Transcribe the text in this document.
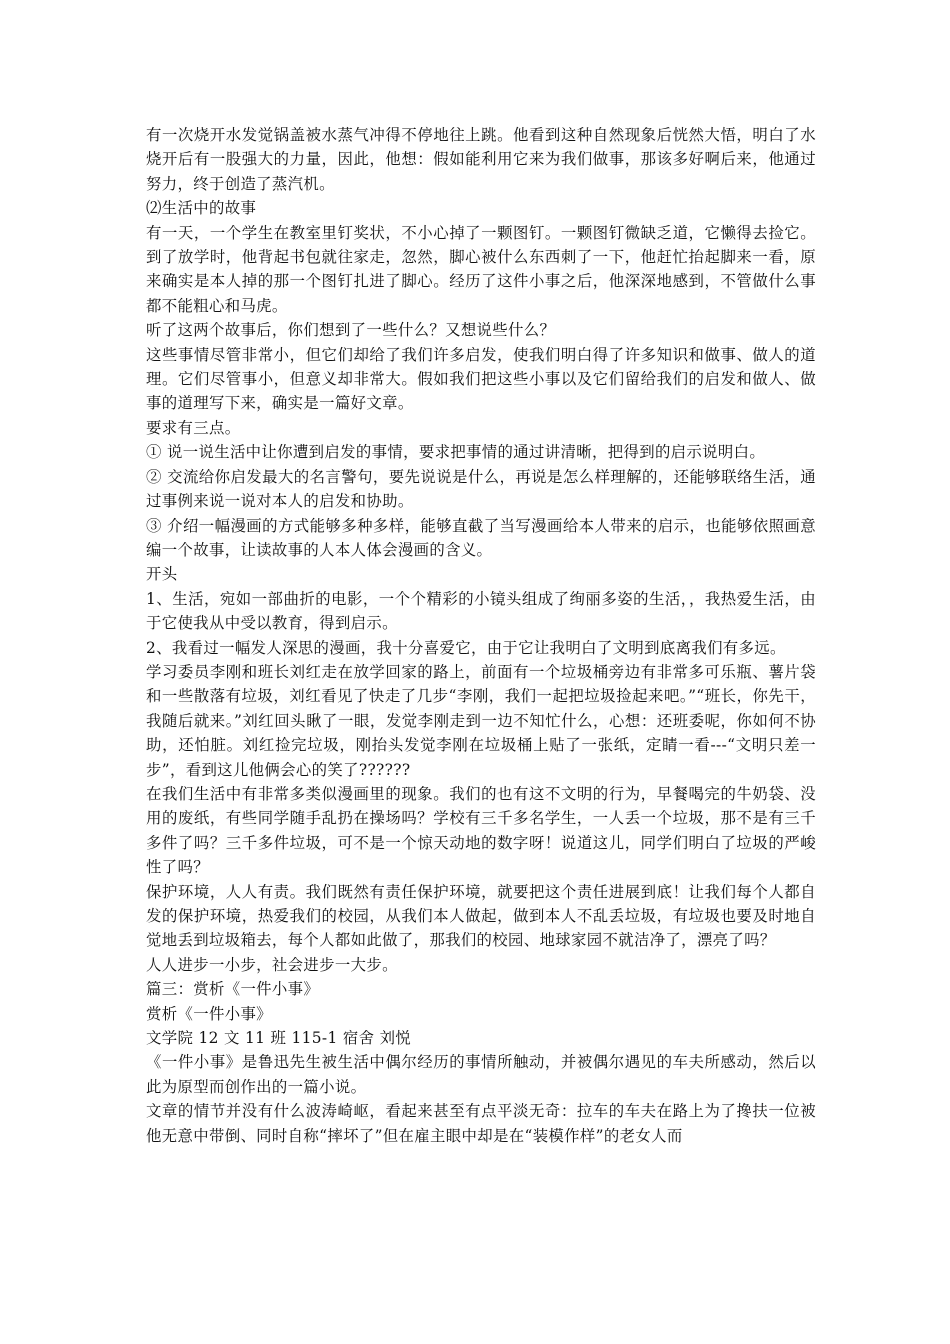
有一次烧开水发觉锅盖被水蒸气冲得不停地往上跳。他看到这种自然现象后恍然大悟，明白了水烧开后有一股强大的力量，因此，他想：假如能利用它来为我们做事，那该多好啊后来，他通过努力，终于创造了蒸汽机。

⑵生活中的故事

有一天，一个学生在教室里钉奖状，不小心掉了一颗图钉。一颗图钉微缺乏道，它懒得去捡它。到了放学时，他背起书包就往家走，忽然，脚心被什么东西刺了一下，他赶忙抬起脚来一看，原来确实是本人掉的那一个图钉扎进了脚心。经历了这件小事之后，他深深地感到，不管做什么事都不能粗心和马虎。

听了这两个故事后，你们想到了一些什么？又想说些什么？

这些事情尽管非常小，但它们却给了我们许多启发，使我们明白得了许多知识和做事、做人的道理。它们尽管事小，但意义却非常大。假如我们把这些小事以及它们留给我们的启发和做人、做事的道理写下来，确实是一篇好文章。

要求有三点。

① 说一说生活中让你遭到启发的事情，要求把事情的通过讲清晰，把得到的启示说明白。

② 交流给你启发最大的名言警句，要先说说是什么，再说是怎么样理解的，还能够联络生活，通过事例来说一说对本人的启发和协助。

③ 介绍一幅漫画的方式能够多种多样，能够直截了当写漫画给本人带来的启示，也能够依照画意编一个故事，让读故事的人本人体会漫画的含义。

开头

1、生活，宛如一部曲折的电影，一个个精彩的小镜头组成了绚丽多姿的生活，，我热爱生活，由于它使我从中受以教育，得到启示。

2、我看过一幅发人深思的漫画，我十分喜爱它，由于它让我明白了文明到底离我们有多远。

学习委员李刚和班长刘红走在放学回家的路上，前面有一个垃圾桶旁边有非常多可乐瓶、薯片袋和一些散落有垃圾，刘红看见了快走了几步“李刚，我们一起把垃圾捡起来吧。”“班长，你先干，我随后就来。”刘红回头瞅了一眼，发觉李刚走到一边不知忙什么，心想：还班委呢，你如何不协助，还怕脏。刘红捡完垃圾，刚抬头发觉李刚在垃圾桶上贴了一张纸，定睛一看---“文明只差一步”，看到这儿他俩会心的笑了??????

在我们生活中有非常多类似漫画里的现象。我们的也有这不文明的行为，早餐喝完的牛奶袋、没用的废纸，有些同学随手乱扔在操场吗？学校有三千多名学生，一人丢一个垃圾，那不是有三千多件了吗？三千多件垃圾，可不是一个惊天动地的数字呀！说道这儿，同学们明白了垃圾的严峻性了吗？

保护环境，人人有责。我们既然有责任保护环境，就要把这个责任进展到底！让我们每个人都自发的保护环境，热爱我们的校园，从我们本人做起，做到本人不乱丢垃圾，有垃圾也要及时地自觉地丢到垃圾箱去，每个人都如此做了，那我们的校园、地球家园不就洁净了，漂亮了吗？

人人进步一小步，社会进步一大步。

篇三：赏析《一件小事》

赏析《一件小事》

文学院 12 文 11 班 115-1 宿舍 刘悦

《一件小事》是鲁迅先生被生活中偶尔经历的事情所触动，并被偶尔遇见的车夫所感动，然后以此为原型而创作出的一篇小说。

文章的情节并没有什么波涛崎岖，看起来甚至有点平淡无奇：拉车的车夫在路上为了搀扶一位被他无意中带倒、同时自称“摔坏了”但在雇主眼中却是在“装模作样”的老女人而
